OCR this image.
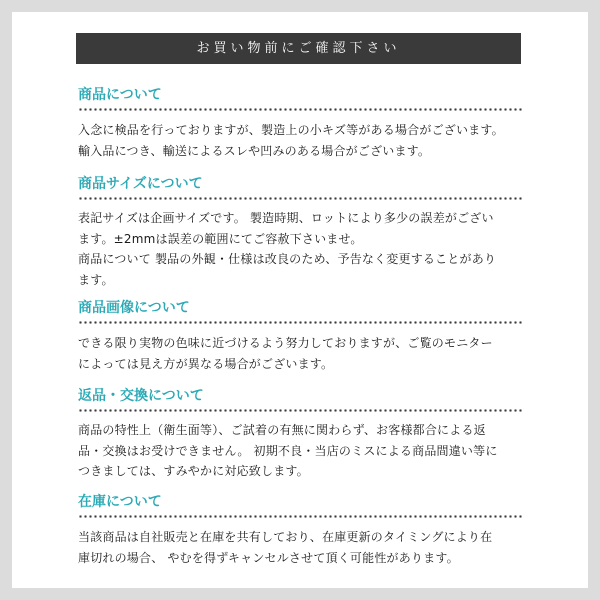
お買い物前にご確認下さい
商品について

入念に検品を行っておりますが、製造上の小キズ等がある場合がございます。

輸入品につき、輸送によるスレや凹みのある場合がございます。

商品サイズについて

表記サイズは企画サイズです。 製造時期、ロットにより多少の誤差がござい

ます。±2mmは誤差の範囲にてご容赦下さいませ。

商品について 製品の外観・仕様は改良のため、予告なく変更することがあり

ます。

商品画像について

できる限り実物の色味に近づけるよう努力しておりますが、ご覧のモニター

によっては見え方が異なる場合がございます。

返品・交換について

商品の特性上（衛生面等）、ご試着の有無に関わらず、お客様都合による返

品・交換はお受けできません。 初期不良・当店のミスによる商品間違い等に

つきましては、すみやかに対応致します。

在庫について

当該商品は自社販売と在庫を共有しており、在庫更新のタイミングにより在

庫切れの場合、 やむを得ずキャンセルさせて頂く可能性があります。
